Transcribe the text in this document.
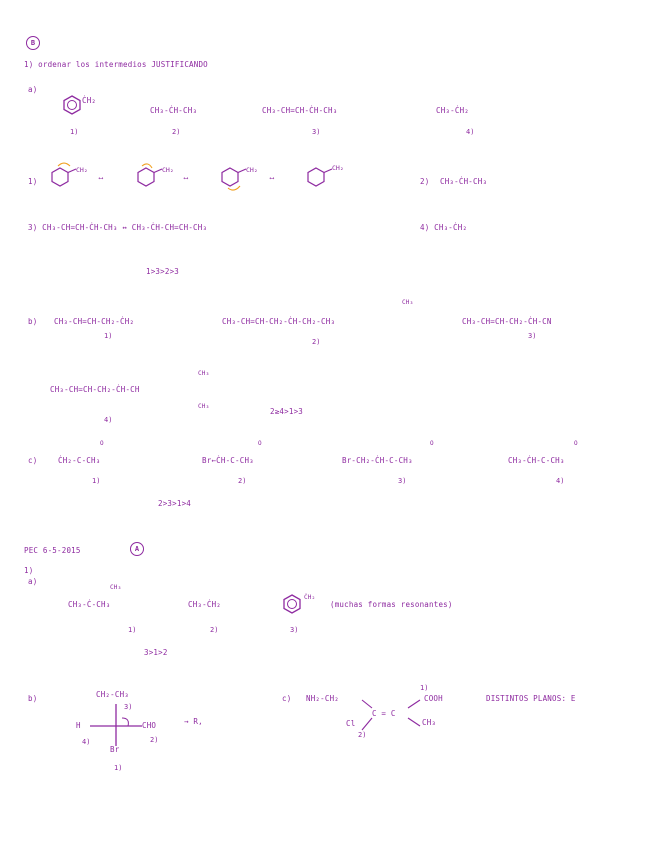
B
1) ordenar los intermedios JUSTIFICANDO
a)
ĊH₂
1)
CH₃-ĊH-CH₃
2)
CH₃-CH=CH-ĊH-CH₃
3)
CH₃-ĊH₂
4)
1)
CH₂	CH₂	CH₂	CH₂
⟷	⟷	⟷	2) CH₃-ĊH-CH₃
3) CH₃-CH=CH-ĊH-CH₃ ↔ CH₃-ĊH-CH=CH-CH₃	4) CH₃-ĊH₂
1>3>2>3
b) CH₃-CH=CH-CH₂-ĊH₂
1)
CH₃
CH₃-CH=CH-CH₂-ĊH-CH₂-CH₃
2)
CH₃-CH=CH-CH₂-ĊH-CN
3)
CH₃
CH₃-CH=CH-CH₂-ĊH-CH
CH₃
4)
2≥4>1>3
c)
O
ĊH₂-C-CH₃
1)
O
Br←ĊH-C-CH₃
2)
O
Br-CH₂-ĊH-C-CH₃
3)
O
CH₃-ĊH-C-CH₃
4)
2>3>1>4
PEC 6-5-2015	A
1)
a)
CH₃
CH₃-Ċ-CH₃
1)
CH₃-ĊH₂
2)
ĊH₂
3)
(muchas formas resonantes)
3>1>2
b)	CH₂-CH₃
3)
H
4)
CHO
2)
Br
1)
→ R,
c) NH₂-CH₂
C = C
1)
COOH
CH₃
Cl
2)
DISTINTOS PLANOS: E
